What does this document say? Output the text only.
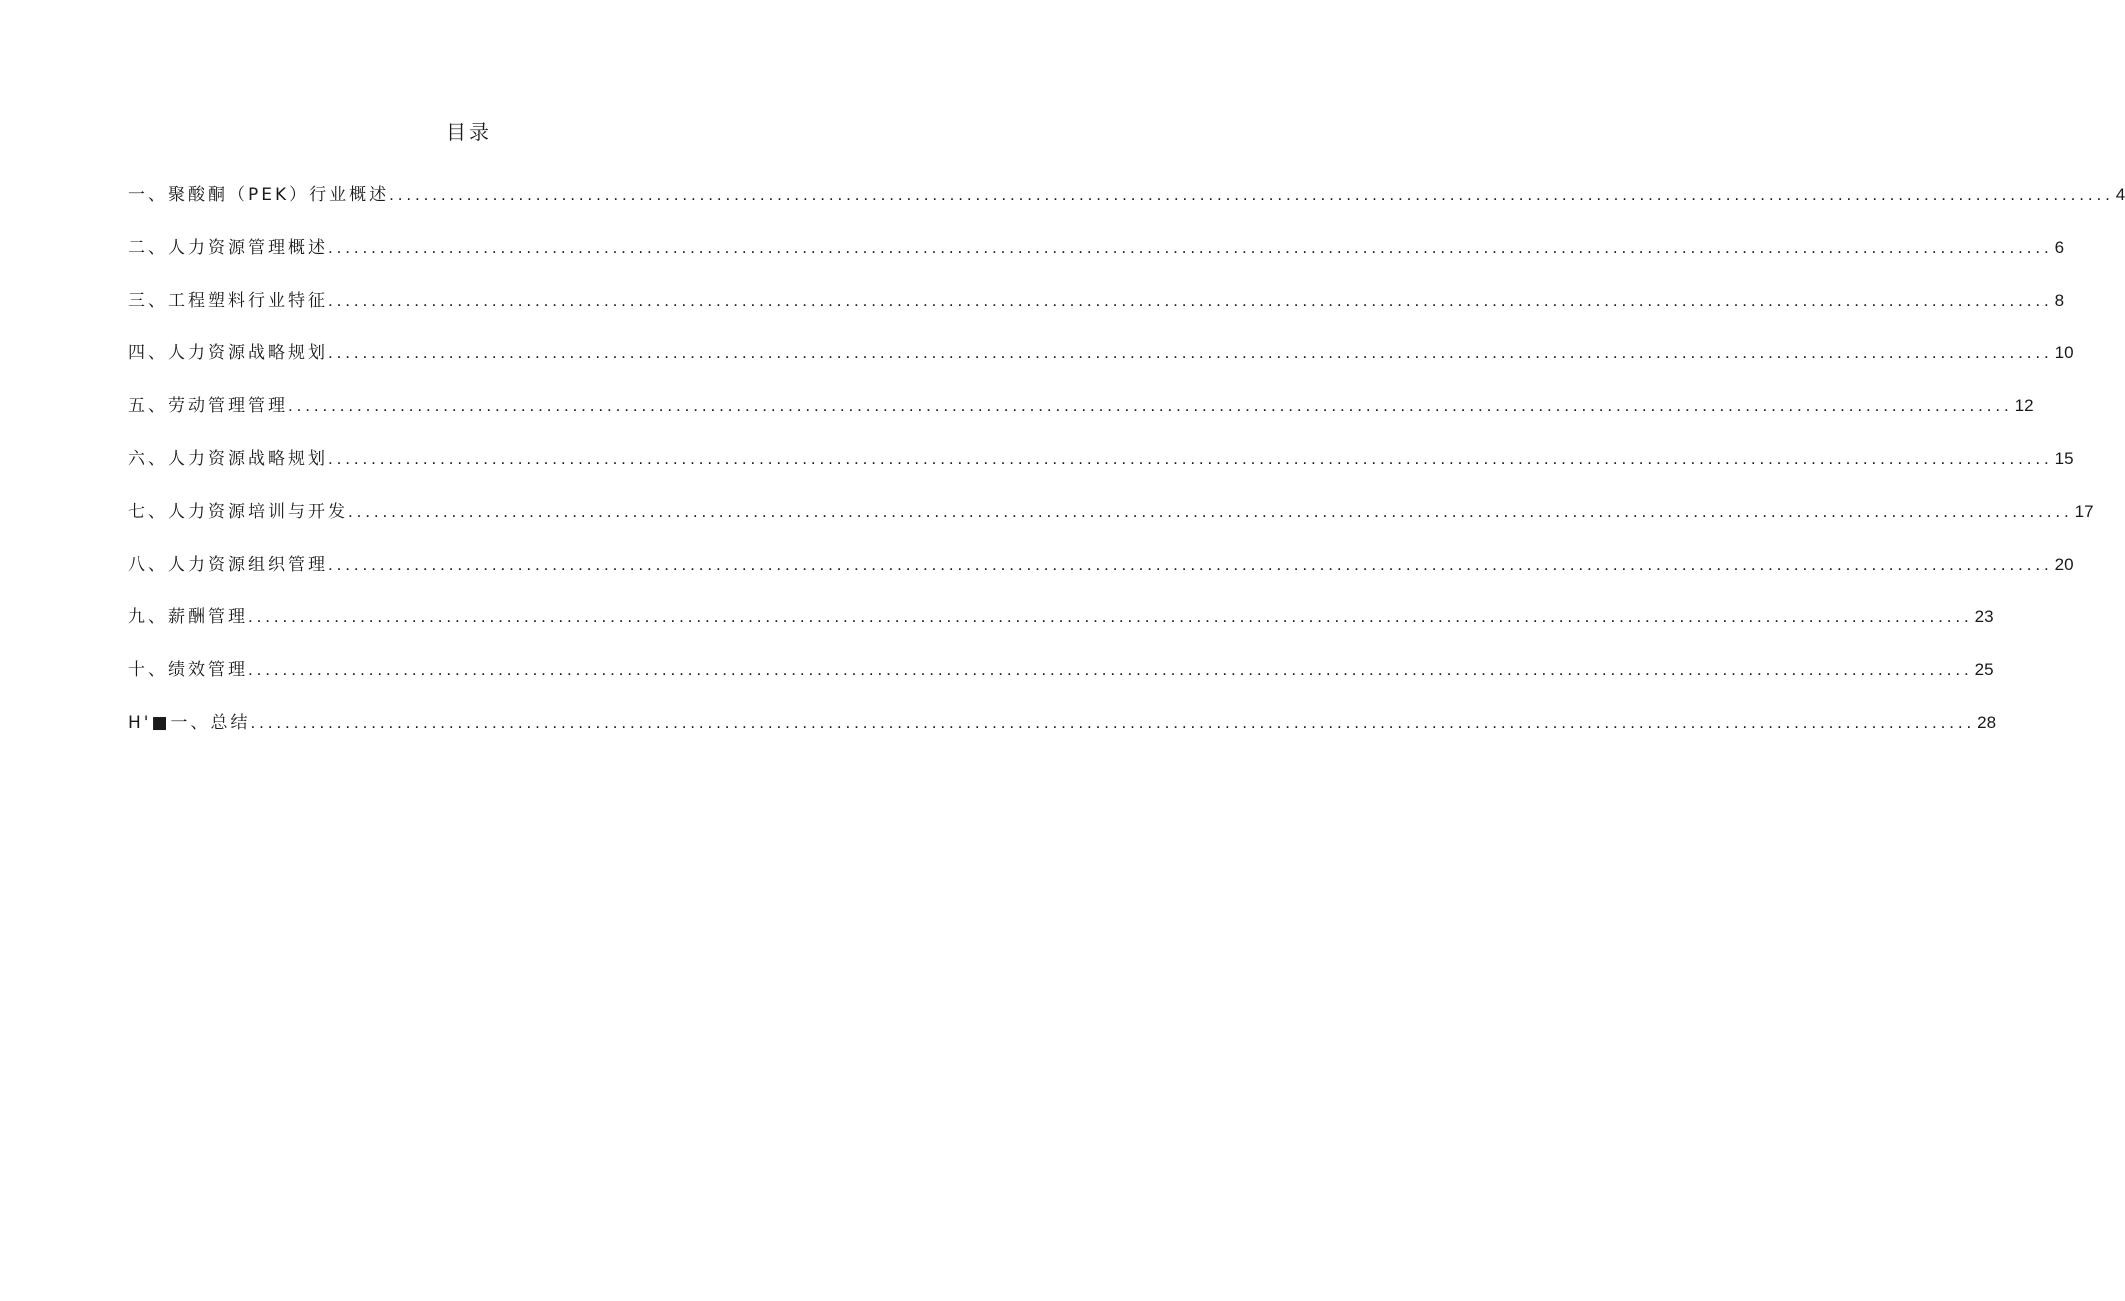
目录
一、聚酸酮（PEK）行业概述 ........................................................................................................................................................................................................ 4
二、人力资源管理概述 ........................................................................................................................................................................................................ 6
三、工程塑料行业特征 ........................................................................................................................................................................................................ 8
四、人力资源战略规划 ........................................................................................................................................................................................................ 10
五、劳动管理管理 ........................................................................................................................................................................................................ 12
六、人力资源战略规划 ........................................................................................................................................................................................................ 15
七、人力资源培训与开发 ........................................................................................................................................................................................................ 17
八、人力资源组织管理 ........................................................................................................................................................................................................ 20
九、薪酬管理 ........................................................................................................................................................................................................ 23
十、绩效管理 ........................................................................................................................................................................................................ 25
H'■一、总结 ........................................................................................................................................................................................................ 28
